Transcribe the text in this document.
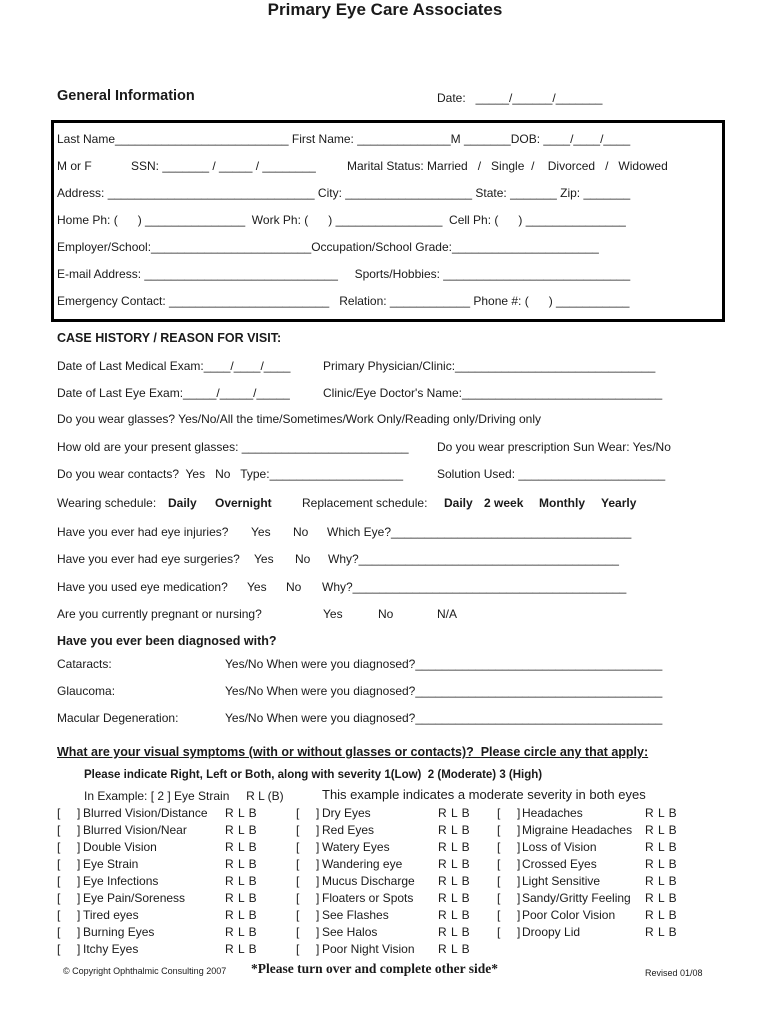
Primary Eye Care Associates
General Information	Date:   _____/______/_______
Last Name__________________________ First Name: ______________M _______DOB: ____/____/____
M or F	SSN: _______ / _____ / ________	Marital Status: Married   /   Single  /    Divorced   /   Widowed
Address: _______________________________ City: ___________________ State: _______ Zip: _______
Home Ph: (      ) _______________  Work Ph: (      ) ________________  Cell Ph: (      ) _______________
Employer/School:________________________Occupation/School Grade:______________________
E-mail Address: _____________________________     Sports/Hobbies: ____________________________
Emergency Contact: ________________________   Relation: ____________ Phone #: (      ) ___________
CASE HISTORY / REASON FOR VISIT:
Date of Last Medical Exam:____/____/____	Primary Physician/Clinic:______________________________
Date of Last Eye Exam:_____/_____/_____	Clinic/Eye Doctor's Name:______________________________
Do you wear glasses? Yes/No/All the time/Sometimes/Work Only/Reading only/Driving only
How old are your present glasses: _________________________ Do you wear prescription Sun Wear: Yes/No
Do you wear contacts?  Yes   No   Type:____________________	Solution Used: ______________________
Wearing schedule: Daily Overnight	Replacement schedule: Daily 2 week Monthly Yearly
Have you ever had eye injuries? Yes No Which Eye?____________________________________
Have you ever had eye surgeries? Yes No Why?_______________________________________
Have you used eye medication? Yes No Why?_________________________________________
Are you currently pregnant or nursing?	Yes	No	N/A
Have you ever been diagnosed with?
Cataracts:	Yes/No When were you diagnosed?_____________________________________
Glaucoma:	Yes/No When were you diagnosed?_____________________________________
Macular Degeneration:	Yes/No When were you diagnosed?_____________________________________
What are your visual symptoms (with or without glasses or contacts)?  Please circle any that apply:
Please indicate Right, Left or Both, along with severity 1(Low)  2 (Moderate) 3 (High)
In Example: [ 2 ] Eye Strain     R L (B)	This example indicates a moderate severity in both eyes
[     ] Blurred Vision/Distance R L B
[     ] Blurred Vision/Near	R L B
[     ] Double Vision	R L B
[     ] Eye Strain	R L B
[     ] Eye Infections	R L B
[     ] Eye Pain/Soreness	R L B
[     ] Tired eyes	R L B
[     ] Burning Eyes	R L B
[     ] Itchy Eyes	R L B
[     ] Dry Eyes	R L B
[     ] Red Eyes	R L B
[     ] Watery Eyes	R L B
[     ] Wandering eye	R L B
[     ] Mucus Discharge R L B
[     ] Floaters or Spots R L B
[     ] See Flashes	R L B
[     ] See Halos	R L B
[     ] Poor Night Vision R L B
[     ] Headaches	R L B
[     ] Migraine Headaches R L B
[     ] Loss of Vision	R L B
[     ] Crossed Eyes	R L B
[     ] Light Sensitive	R L B
[     ] Sandy/Gritty Feeling R L B
[     ] Poor Color Vision R L B
[     ] Droopy Lid	R L B
© Copyright Ophthalmic Consulting 2007 *Please turn over and complete other side*	Revised 01/08
